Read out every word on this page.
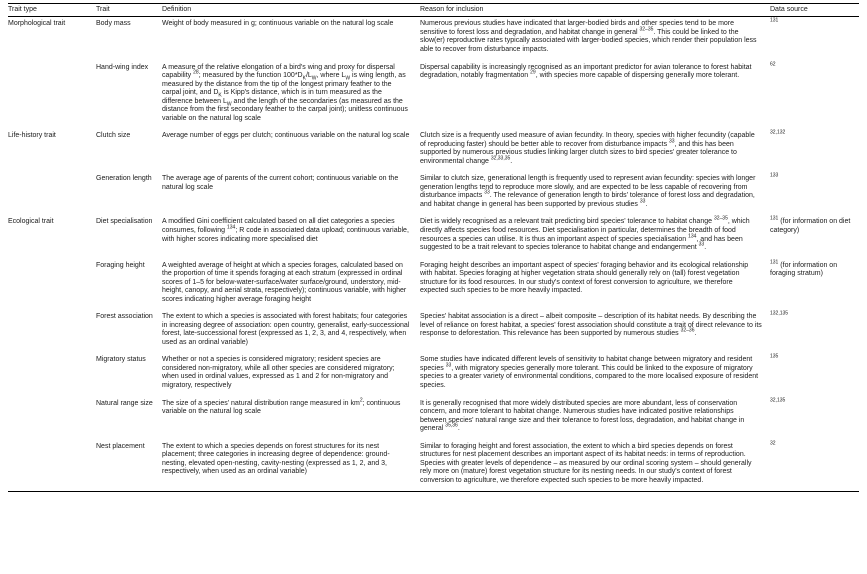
Trait type	Trait	Definition	Reason for inclusion	Data source
Morphological trait	Body mass	Weight of body measured in g; continuous variable on the natural log scale	Numerous previous studies have indicated that larger-bodied birds and other species tend to be more sensitive to forest loss and degradation, and habitat change in general $^{32-35}$. This could be linked to the slow(er) reproductive rates typically associated with larger-bodied species, which render their population less able to recover from disturbance impacts.	$^{131}$
	Hand-wing index	A measure of the relative elongation of a bird's wing and proxy for dispersal capability $^{28}$; measured by the function $100*D_K/L_W$, where $L_W$ is wing length, as measured by the distance from the tip of the longest primary feather to the carpal joint, and $D_K$ is Kipp's distance, which is in turn measured as the difference between $L_W$ and the length of the secondaries (as measured as the distance from the first secondary feather to the carpal joint); unitless continuous variable on the natural log scale	Dispersal capability is increasingly recognised as an important predictor for avian tolerance to forest habitat degradation, notably fragmentation $^{29}$, with species more capable of dispersing generally more tolerant.	$^{62}$
Life-history trait	Clutch size	Average number of eggs per clutch; continuous variable on the natural log scale	Clutch size is a frequently used measure of avian fecundity. In theory, species with higher fecundity (capable of reproducing faster) should be better able to recover from disturbance impacts $^{33}$, and this has been supported by numerous previous studies linking larger clutch sizes to bird species' greater tolerance to environmental change $^{32,33,35}$.	$^{32,132}$
	Generation length	The average age of parents of the current cohort; continuous variable on the natural log scale	Similar to clutch size, generational length is frequently used to represent avian fecundity: species with longer generation lengths tend to reproduce more slowly, and are expected to be less capable of recovering from disturbance impacts $^{33}$. The relevance of generation length to birds' tolerance of forest loss and degradation, and habitat change in general has been supported by previous studies $^{33}$.	$^{133}$
Ecological trait	Diet specialisation	A modified Gini coefficient calculated based on all diet categories a species consumes, following $^{134}$; R code in associated data upload; continuous variable, with higher scores indicating more specialised diet	Diet is widely recognised as a relevant trait predicting bird species' tolerance to habitat change $^{32-35}$, which directly affects species food resources. Diet specialisation in particular, determines the breadth of food resources a species can utilise. It is thus an important aspect of species specialisation $^{134}$, and has been suggested to be a trait relevant to species tolerance to habitat change and endangerment $^{33}$.	$^{131}$ (for information on diet category)
	Foraging height	A weighted average of height at which a species forages, calculated based on the proportion of time it spends foraging at each stratum (expressed in ordinal scores of 1–5 for below-water-surface/water surface/ground, understory, mid-height, canopy, and aerial strata, respectively); continuous variable, with higher scores indicating higher average foraging height	Foraging height describes an important aspect of species' foraging behavior and its ecological relationship with habitat. Species foraging at higher vegetation strata should generally rely on (tall) forest vegetation structure for its food resources. In our study's context of forest conversion to agriculture, we therefore expected such species to be more heavily impacted.	$^{131}$ (for information on foraging stratum)
	Forest association	The extent to which a species is associated with forest habitats; four categories in increasing degree of association: open country, generalist, early-successional forest, late-successional forest (expressed as 1, 2, 3, and 4, respectively, when used as an ordinal variable)	Species' habitat association is a direct – albeit composite – description of its habitat needs. By describing the level of reliance on forest habitat, a species' forest association should constitute a trait of direct relevance to its response to deforestation. This relevance has been supported by numerous studies $^{32-36}$.	$^{132,135}$
	Migratory status	Whether or not a species is considered migratory; resident species are considered non-migratory, while all other species are considered migratory; when used in ordinal values, expressed as 1 and 2 for non-migratory and migratory, respectively	Some studies have indicated different levels of sensitivity to habitat change between migratory and resident species $^{33}$, with migratory species generally more tolerant. This could be linked to the exposure of migratory species to a greater variety of environmental conditions, compared to the more localised exposure of resident species.	$^{135}$
	Natural range size	The size of a species' natural distribution range measured in $km^2$; continuous variable on the natural log scale	It is generally recognised that more widely distributed species are more abundant, less of conservation concern, and more tolerant to habitat change. Numerous studies have indicated positive relationships between species' natural range size and their tolerance to forest loss, degradation, and habitat change in general $^{35,36}$.	$^{32,135}$
	Nest placement	The extent to which a species depends on forest structures for its nest placement; three categories in increasing degree of dependence: ground-nesting, elevated open-nesting, cavity-nesting (expressed as 1, 2, and 3, respectively, when used as an ordinal variable)	Similar to foraging height and forest association, the extent to which a bird species depends on forest structures for nest placement describes an important aspect of its habitat needs: in terms of reproduction. Species with greater levels of dependence – as measured by our ordinal scoring system – should generally rely more on (mature) forest vegetation structure for its nesting needs. In our study's context of forest conversion to agriculture, we therefore expected such species to be more heavily impacted.	$^{32}$
